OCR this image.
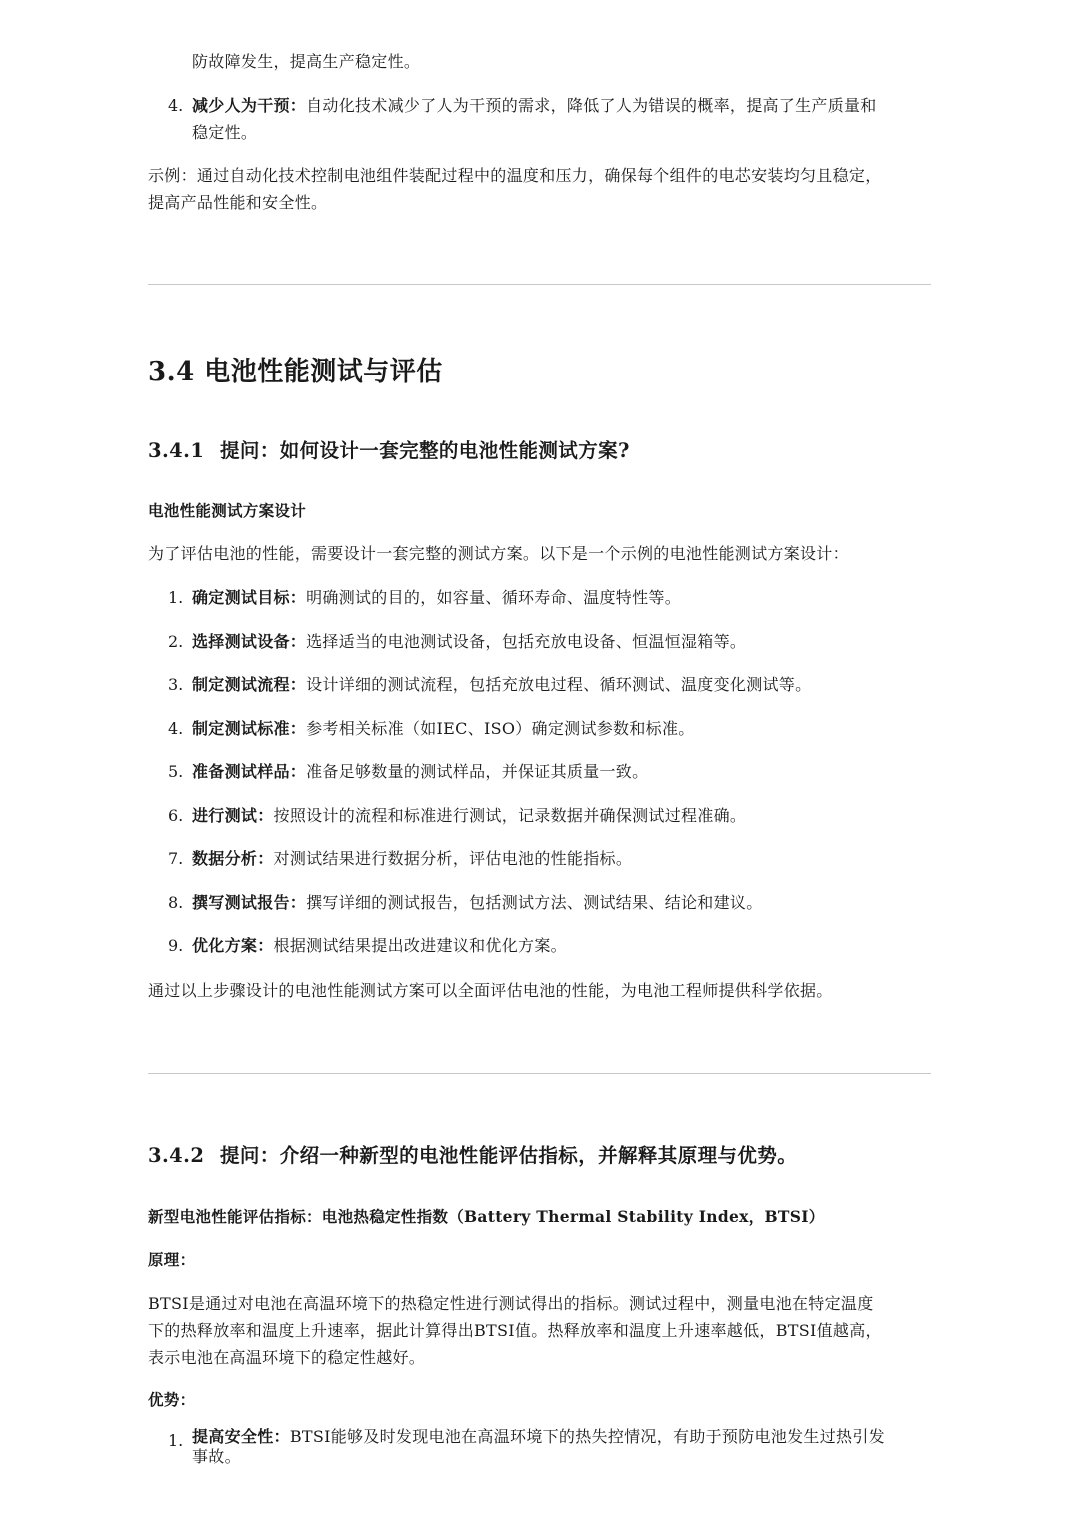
防故障发生，提高生产稳定性。
4. 减少人为干预：自动化技术减少了人为干预的需求，降低了人为错误的概率，提高了生产质量和
稳定性。
示例：通过自动化技术控制电池组件装配过程中的温度和压力，确保每个组件的电芯安装均匀且稳定，
提高产品性能和安全性。
3.4 电池性能测试与评估
3.4.1 提问：如何设计一套完整的电池性能测试方案?
电池性能测试方案设计
为了评估电池的性能，需要设计一套完整的测试方案。以下是一个示例的电池性能测试方案设计：
1. 确定测试目标：明确测试的目的，如容量、循环寿命、温度特性等。
2. 选择测试设备：选择适当的电池测试设备，包括充放电设备、恒温恒湿箱等。
3. 制定测试流程：设计详细的测试流程，包括充放电过程、循环测试、温度变化测试等。
4. 制定测试标准：参考相关标准（如IEC、ISO）确定测试参数和标准。
5. 准备测试样品：准备足够数量的测试样品，并保证其质量一致。
6. 进行测试：按照设计的流程和标准进行测试，记录数据并确保测试过程准确。
7. 数据分析：对测试结果进行数据分析，评估电池的性能指标。
8. 撰写测试报告：撰写详细的测试报告，包括测试方法、测试结果、结论和建议。
9. 优化方案：根据测试结果提出改进建议和优化方案。
通过以上步骤设计的电池性能测试方案可以全面评估电池的性能，为电池工程师提供科学依据。
3.4.2 提问：介绍一种新型的电池性能评估指标，并解释其原理与优势。
新型电池性能评估指标：电池热稳定性指数（Battery Thermal Stability Index，BTSI）
原理：
BTSI是通过对电池在高温环境下的热稳定性进行测试得出的指标。测试过程中，测量电池在特定温度
下的热释放率和温度上升速率，据此计算得出BTSI值。热释放率和温度上升速率越低，BTSI值越高，
表示电池在高温环境下的稳定性越好。
优势：
1. 提高安全性：BTSI能够及时发现电池在高温环境下的热失控情况，有助于预防电池发生过热引发
事故。
